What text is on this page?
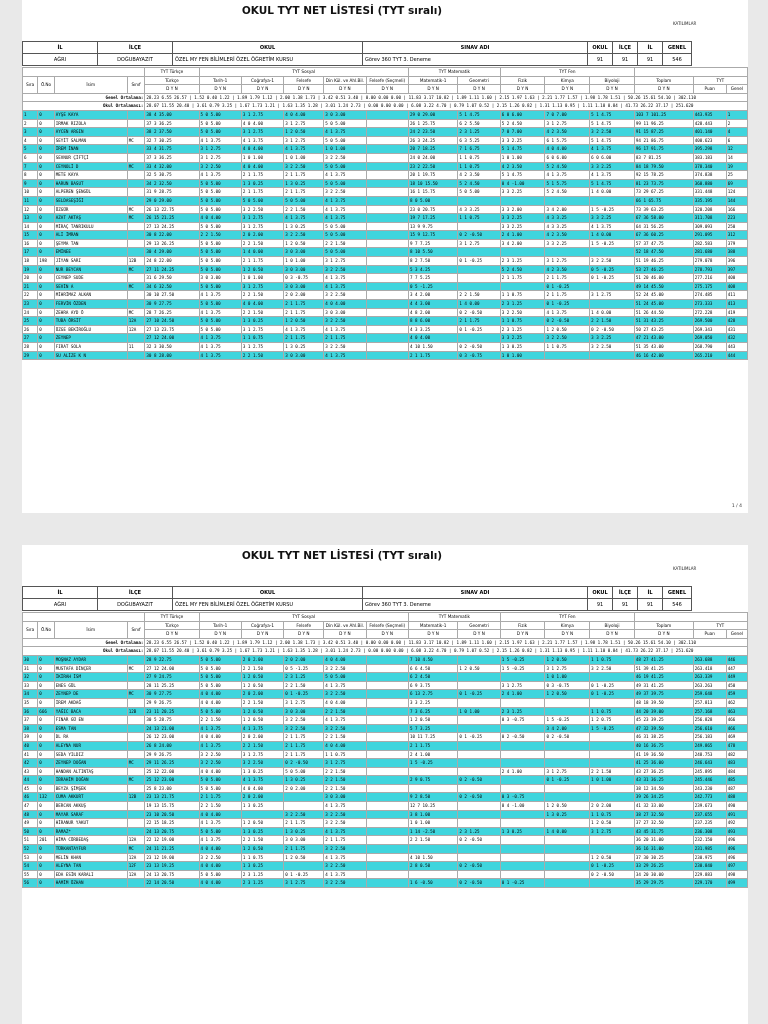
OKUL TYT NET LİSTESİ (TYT sıralı)
KATILIMLAR
İL	İLÇE	OKUL	SINAV ADI	OKUL	İLÇE	İL	GENEL
AĞRI	DOĞUBAYAZIT	ÖZEL MY FEN BİLİMLERİ ÖZEL ÖĞRETİM KURSU	Görev 360 TYT 3. Deneme	91	91	91	546
				TYT Türkçe	TYT Sosyal					TYT Matematik		TYT Fen					
Sıra	Ö.No	İsim	Sınıf	Türkçe	Tarih-1	Coğrafya-1	Felsefe	Din Kül. ve Ahl.Bil.	Felsefe (Seçmeli)	Matematik-1	Geometri	Fizik	Kimya	Biyoloji	Toplam	TYT	
				D Y N	D Y N	D Y N	D Y N	D Y N	D Y N	D Y N	D Y N	D Y N	D Y N	D Y N	D Y N	Puan	Genel
Genel Ortalama:				28.23 6.55 26.57 | 1.52 0.40 1.22 | 1.89 1.79 1.12 | 2.00 1.38 1.73 | 3.42 0.51 3.40 | 0.00 0.00 0.00 | 11.83 3.17 10.82 | 1.89 1.11 1.60 | 2.15 1.97 1.63 | 2.21 1.77 1.57 | 1.98 1.78 1.51 | 50.26 15.61 54.10 | 302.110													
Okul Ortalaması:				28.07 11.55 20.40 | 3.61 0.79 3.25 | 1.67 1.73 1.21 | 1.63 1.35 1.28 | 3.01 1.24 2.73 | 0.00 0.00 0.00 | 6.08 3.22 4.70 | 0.79 1.07 0.52 | 2.15 1.26 0.82 | 1.31 1.13 0.95 | 1.11 1.10 0.84 | 41.73 26.22 37.17 | 251.620													
1	0	AYŞE KAYA		38 4 35.00	5 0 5.00	3 1 2.75	4 0 4.00	3 0 3.00		29 0 29.00	5 1 4.75	6 0 6.00	7 0 7.00	5 1 4.75	103 7 101.25	443.935	1
2	0	IRMAK RIZOLA		37 3 36.25	5 0 5.00	4 0 4.00	3 1 2.75	5 0 5.00		26 1 25.75	6 2 5.50	5 2 4.50	3 1 2.75	5 1 4.75	99 11 96.25	428.443	2
3	0	AYCEN ARGIN		38 2 37.50	5 0 5.00	3 1 2.75	1 2 0.50	4 1 3.75		24 2 23.50	2 3 1.25	7 0 7.00	4 2 3.50	3 2 2.50	91 15 87.25	401.140	4
4	0	SEYİT SALMAN	MC	32 7 30.25	4 1 3.75	4 1 3.75	3 1 2.75	5 0 5.00		26 3 24.25	6 3 5.25	3 3 2.25	6 1 5.75	5 1 4.75	94 21 86.75	400.623	6
5	0	İREM İNAN		33 4 31.75	3 1 2.75	4 0 4.00	4 1 3.75	1 0 1.00		20 7 18.25	7 1 6.75	5 1 4.75	4 0 4.00	4 1 3.75	96 17 91.75	395.298	12
6	0	SEVNUR ÇİFTÇİ		37 3 36.25	3 1 2.75	1 0 1.00	1 0 1.00	3 2 2.50		24 0 24.00	1 1 0.75	1 0 1.00	6 0 6.00	6 0 6.00	83 7 81.25	383.183	14
7	0	CEYNOLİ D	MC	33 4 32.00	3 2 2.50	4 0 4.00	3 2 2.50	5 0 5.00		23 2 22.50	1 1 0.75	4 2 3.50	5 2 4.50	3 3 2.25	84 18 79.50	378.340	19
8	0	METE KAYA		32 5 30.75	4 1 3.75	2 1 1.75	2 1 1.75	4 1 3.75		20 1 19.75	4 2 3.50	5 1 4.75	4 1 3.75	4 1 3.75	92 15 78.25	374.838	25
9	0	HARUN BASUT		34 2 32.50	5 0 5.00	1 3 0.25	1 3 0.25	5 0 5.00		18 10 15.50	5 2 4.50	0 4 -1.00	5 1 5.75	5 1 4.75	81 23 73.75	360.880	69
10	0	ALPEREN ŞENGÜL		31 9 28.75	5 0 5.00	2 1 1.75	2 1 1.75	3 2 2.50		16 1 15.75	5 0 5.00	3 3 2.25	5 2 4.50	1 4 0.00	73 29 67.25	331.448	124
11	0	SELDASEŞİĞİ		29 0 29.00	5 0 5.00	5 0 5.00	5 0 5.00	4 1 3.75		8 0 5.00					66 1 65.75	335.195	144
12	0	ÖZGÜR	MC	26 13 22.75	5 0 5.00	3 2 2.50	2 2 1.50	4 1 3.75		23 0 20.75	4 3 3.25	3 3 2.00	3 4 2.00	1 5 -0.25	73 39 63.25	320.208	166
13	0	AZAT AKTAŞ	MC	26 15 21.25	4 0 4.00	3 1 2.75	4 1 3.75	4 1 3.75		19 7 17.25	1 1 0.75	3 3 2.25	4 3 3.25	3 3 2.25	67 36 58.00	311.708	223
14	0	MİRAÇ TANRIKULU		27 13 24.25	5 0 5.00	3 1 2.75	1 3 0.25	5 0 5.00		13 9 9.75		3 3 2.25	4 3 3.25	4 1 3.75	64 31 56.25	309.093	250
15	0	ALİ İMRAN		30 8 22.00	2 2 1.50	2 0 2.00	3 2 2.50	5 0 5.00		15 9 12.75	0 2 -0.50	2 4 1.00	4 2 3.50	1 4 0.00	67 36 60.25	291.095	312
16	0	ŞEYMA TAN		29 13 26.25	5 0 5.00	2 2 1.50	1 2 0.50	2 2 1.50		9 7 7.25	3 1 2.75	3 4 2.00	3 3 2.25	1 5 -0.25	57 37 47.75	282.583	379
17	0	EMİNEE		30 4 29.00	5 0 5.00	1 4 0.00	3 0 3.00	5 0 5.00		8 10 5.50					52 18 47.50	281.680	388
18	198	JİYAN SARI	12B	24 8 22.00	5 0 5.00	2 1 1.75	1 0 1.00	3 1 2.75		8 2 7.50	0 1 -0.25	2 3 1.25	3 1 2.75	3 2 2.50	51 19 46.25	279.078	396
19	0	NUR BEYCAN	MC	27 11 24.25	5 0 5.00	1 2 0.50	3 0 3.00	3 2 2.50		5 3 4.25		5 2 4.50	4 2 3.50	0 5 -0.25	53 27 46.25	278.793	397
20	0	CEYNEP SUDE		31 6 29.50	3 0 3.00	1 0 1.00	0 3 -0.75	4 1 3.75		7 7 5.25		2 1 1.75	2 1 1.75	0 1 -0.25	51 20 46.00	277.216	400
21	0	SEVİN A	MC	34 6 32.50	5 0 5.00	3 1 2.75	3 0 3.00	4 1 3.75		0 5 -1.25			0 1 -0.25		49 14 45.50	275.175	408
22	0	MİHRİMAZ ALKAN		30 10 27.50	4 1 3.75	2 2 1.50	2 0 2.00	3 2 2.50		3 4 2.00	2 2 1.50	1 1 0.75	2 1 1.75	3 1 2.75	52 24 45.00	274.485	411
23	0	FERVİN ÖZDEN		30 9 27.75	5 0 5.00	4 0 4.00	2 1 1.75	4 0 4.00		4 4 3.00	1 4 0.00	2 3 1.25	0 1 -0.25		51 24 45.00	273.333	413
24	0	ZEHRA AYD Ö	MC	28 7 26.25	4 1 3.75	2 2 1.50	2 1 1.75	3 0 3.00		4 8 2.00	0 2 -0.50	3 2 2.50	4 1 3.75	1 4 0.00	51 26 44.50	272.228	419
25	0	TUBA ÖRSİT	12A	27 10 24.50	5 0 5.00	1 3 0.25	1 2 0.50	3 2 2.50		8 8 6.00	2 1 1.75	1 1 0.75	0 2 -0.50	2 2 1.50	51 31 43.25	269.500	428
26	0	ÖZGE BEKİROĞLU	12A	27 13 23.75	5 0 5.00	3 1 2.75	4 1 3.75	4 1 3.75		4 3 3.25	0 1 -0.25	2 3 1.25	1 2 0.50	0 2 -0.50	50 27 43.25	269.343	431
27	0	ZEYNEP		27 12 24.00	4 1 3.75	1 1 0.75	2 1 1.75	2 1 1.75		4 0 4.00		3 3 2.25	3 2 2.50	3 3 2.25	47 21 43.00	269.050	432
28	0	FIRAT SOLA	11	32 3 30.50	4 1 3.75	3 1 2.75	1 3 0.25	3 2 2.50		4 10 1.50	0 2 -0.50	1 3 0.25	1 1 0.75	3 2 2.50	51 35 43.00	268.790	443
29	0	SU ALİZE K N		30 8 28.00	4 1 3.75	2 2 1.50	3 0 3.00	4 1 3.75		2 1 1.75	0 3 -0.75	1 0 1.00			46 16 42.00	265.210	444
1 / 4
OKUL TYT NET LİSTESİ (TYT sıralı)
KATILIMLAR
İL	İLÇE	OKUL	SINAV ADI	OKUL	İLÇE	İL	GENEL
AĞRI	DOĞUBAYAZIT	ÖZEL MY FEN BİLİMLERİ ÖZEL ÖĞRETİM KURSU	Görev 360 TYT 3. Deneme	91	91	91	546
				TYT Türkçe	TYT Sosyal					TYT Matematik		TYT Fen					
Sıra	Ö.No	İsim	Sınıf	Türkçe	Tarih-1	Coğrafya-1	Felsefe	Din Kül. ve Ahl.Bil.	Felsefe (Seçmeli)	Matematik-1	Geometri	Fizik	Kimya	Biyoloji	Toplam	TYT	
				D Y N	D Y N	D Y N	D Y N	D Y N	D Y N	D Y N	D Y N	D Y N	D Y N	D Y N	D Y N	Puan	Genel
Genel Ortalama:				28.23 6.55 26.57 | 1.52 0.40 1.22 | 1.89 1.79 1.12 | 2.00 1.38 1.73 | 3.42 0.51 3.40 | 0.00 0.00 0.00 | 11.83 3.17 10.82 | 1.89 1.11 1.60 | 2.15 1.97 1.63 | 2.21 1.77 1.57 | 1.98 1.78 1.51 | 50.26 15.61 54.10 | 302.110													
Okul Ortalaması:				28.07 11.55 20.40 | 3.61 0.79 3.25 | 1.67 1.73 1.21 | 1.63 1.35 1.28 | 3.01 1.24 2.73 | 0.00 0.00 0.00 | 6.08 3.22 4.70 | 0.79 1.07 0.52 | 2.15 1.26 0.82 | 1.31 1.13 0.95 | 1.11 1.10 0.84 | 41.73 26.22 37.17 | 251.620													
30	0	MOŞNAZ AYDAR		28 9 22.75	5 0 5.00	2 0 2.00	2 0 2.00	4 0 4.00		7 10 4.50		1 5 -0.25	1 2 0.50	1 1 0.75	48 27 41.25	263.688	446
31	0	MUSTAFA DİNÇER	MC	27 12 24.00	5 0 5.00	2 2 1.50	0 5 -1.25	3 2 2.50		6 6 4.50	1 2 0.50	1 5 -0.25	3 1 2.75	3 2 2.50	51 39 41.25	263.418	447
32	0	İKİRAH İSM		27 9 24.75	5 0 5.00	1 2 0.50	2 3 1.25	5 0 5.00		6 2 4.50			1 0 1.00		46 19 41.25	263.339	449
33	0	ENES GÜL		28 11 25.25	5 0 5.00	1 2 0.50	2 2 1.50	4 1 3.75		6 9 3.75		3 1 2.75	0 3 -0.75	0 1 -0.25	49 31 41.25	263.263	450
34	0	ZEYNEP DE	MC	30 9 27.75	4 0 4.00	2 0 2.00	0 1 -0.25	3 2 2.50		6 13 2.75	0 1 -0.25	2 4 1.00	1 2 0.50	0 1 -0.25	49 37 39.75	259.648	459
35	0	İREM AKDAĞ		29 9 26.75	4 0 4.00	2 2 1.50	3 1 2.75	4 0 4.00		3 3 2.25					48 18 39.50	257.813	462
36	666	YAĞIC BACA	12B	23 11 20.25	5 0 5.00	1 2 0.50	3 0 3.00	2 2 1.50		7 3 6.25	1 0 1.00	2 3 1.25		1 1 0.75	44 20 39.00	257.168	463
37	0	FINAR GÜ EN		30 5 28.75	2 2 1.50	1 2 0.50	3 2 2.50	4 1 3.75		1 2 0.50		0 3 -0.75	1 5 -0.25	1 2 0.75	45 23 39.25	256.828	466
38	0	ESMA TAN		24 13 21.00	4 1 3.75	4 1 3.75	3 2 2.50	3 2 2.50		5 7 3.25			3 4 2.00	1 5 -0.25	47 32 39.50	256.610	466
39	0	DL RA		26 12 23.00	4 0 4.00	2 0 2.00	2 1 1.75	2 2 1.50		10 11 7.25	0 1 -0.25	0 2 -0.50	0 2 -0.50		46 31 38.25	256.183	469
40	0	ALEYNA NUR		26 8 24.00	4 1 3.75	2 2 1.50	2 1 1.75	4 0 4.00		2 1 1.75					40 16 36.75	249.865	478
41	0	SEDA YILDIZ		29 9 26.75	3 2 2.50	3 1 2.75	2 1 1.75	1 1 0.75		2 4 1.00					41 19 36.50	248.753	482
42	0	ZEYNEP DOĞAN	MC	29 11 26.25	3 2 2.50	3 2 2.50	0 2 -0.50	3 1 2.75		1 5 -0.25					41 25 36.00	246.643	483
43	0	HANDAN ALTINTAŞ		25 12 22.00	4 0 4.00	1 3 0.25	5 0 5.00	2 2 1.50				2 4 1.00	3 1 2.75	2 2 1.50	43 27 36.25	245.895	484
44	0	İBRAHİM DOĞAN	MC	25 12 23.00	5 0 5.00	4 1 3.75	1 3 0.25	2 2 1.50		2 9 0.75	0 2 -0.50		0 1 -0.25	1 0 1.00	43 31 36.25	245.446	485
45	0	BEYZA ŞİMŞEK		25 8 23.00	5 0 5.00	4 0 4.00	2 0 2.00	2 2 1.50							38 12 34.50	243.230	487
46	132	CUMA AKKURT	12B	23 13 21.75	2 1 1.75	2 0 2.00		3 0 3.00		9 2 8.50	0 2 -0.50	0 3 -0.75			39 26 34.25	242.773	488
47	0	BERCAN AKKUŞ		19 13 15.75	2 2 1.50	1 3 0.25		4 1 3.75		12 7 10.25		0 4 -1.00	1 2 0.50	2 0 2.00	41 32 33.00	239.673	490
48	0	MAYAR SARAF		23 10 20.50	4 0 4.00		3 2 2.50	3 2 2.50		3 8 1.00			1 3 0.25	1 1 0.75	38 27 32.50	237.655	491
49	0	HİRANUR YAKUT		22 15 18.25	4 1 3.75	1 2 0.50	2 1 1.75	3 2 2.50		1 0 1.00				1 2 0.50	37 27 32.50	237.235	492
50	0	RAMAZ*		24 13 20.75	5 0 5.00	1 3 0.25	1 3 0.25	4 1 3.75		1 14 -2.50	2 3 1.25	1 3 0.25	1 4 0.00	3 1 2.75	43 45 31.75	236.308	493
51	201	HİMA CÖRBEDAŞ	12A	22 12 19.00	4 1 3.75	2 2 1.50	3 0 3.00	2 1 1.75		2 2 1.50	0 2 -0.50				36 20 31.00	232.150	496
52	0	TÜRKANTAYFUR	MC	24 11 21.25	4 0 4.00	1 2 0.50	2 1 1.75	3 2 2.50							36 16 31.00	231.985	496
53	0	MELİN KHAN	12A	23 12 19.00	3 2 2.50	1 1 0.75	1 2 0.50	4 1 3.75		4 10 1.50				1 2 0.50	37 30 30.25	230.975	496
54	0	ALEYNA TAN	12F	23 13 19.25	4 0 4.00	1 3 0.25		3 2 2.50		2 8 0.50	0 2 -0.50			0 1 -0.25	33 29 26.25	230.840	497
55	0	EDA ESİN KARALI	12A	24 13 20.75	5 0 5.00	2 3 1.25	0 1 -0.25	4 1 3.75						0 2 -0.50	34 20 30.00	229.883	498
56	0	HAMİM ÖZHAN		22 14 20.50	4 0 4.00	2 3 1.25	3 1 2.75	3 2 2.50		1 6 -0.50	0 2 -0.50	0 1 -0.25			35 29 29.75	229.170	499
